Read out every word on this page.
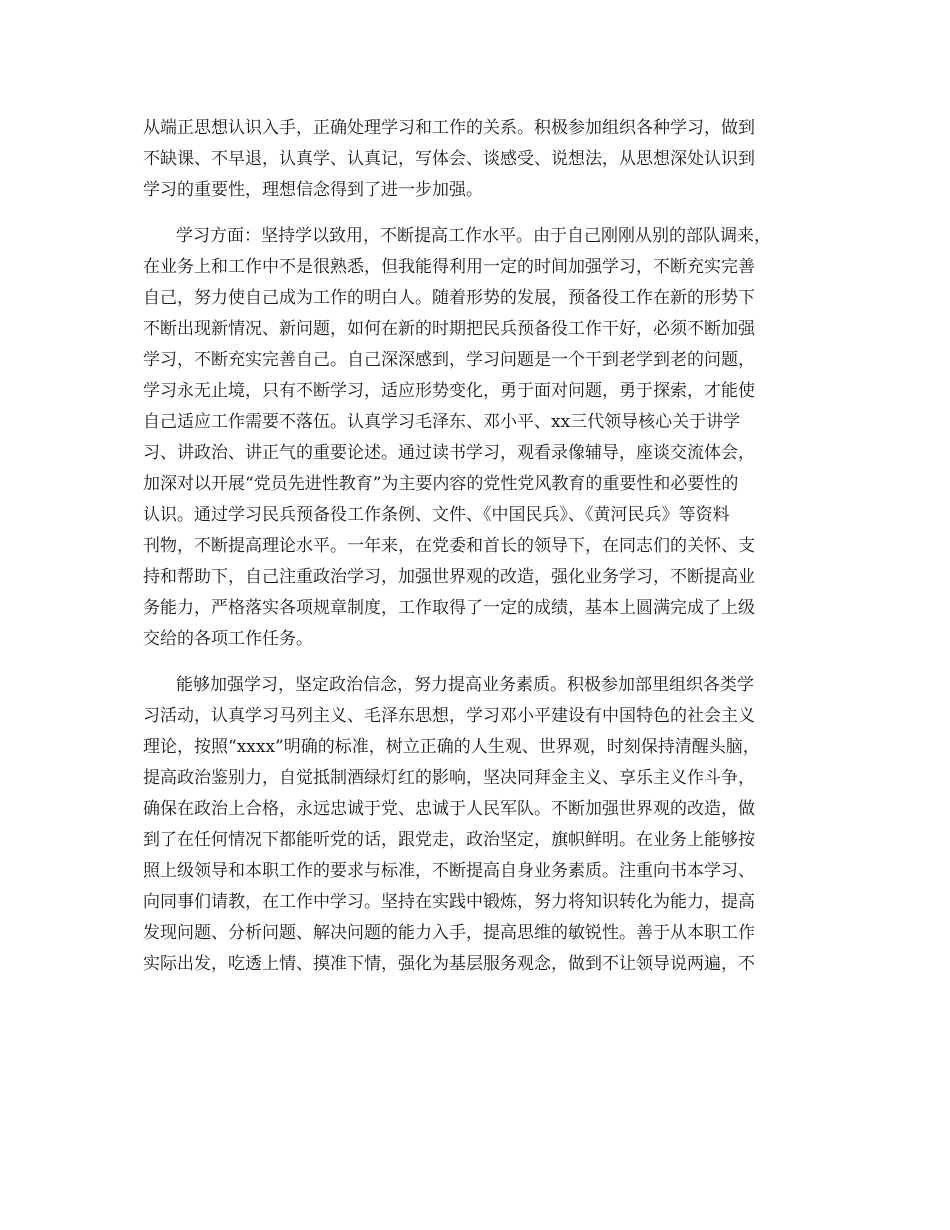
从端正思想认识入手，正确处理学习和工作的关系。积极参加组织各种学习，做到
不缺课、不早退，认真学、认真记，写体会、谈感受、说想法，从思想深处认识到
学习的重要性，理想信念得到了进一步加强。
学习方面：坚持学以致用，不断提高工作水平。由于自己刚刚从别的部队调来，
在业务上和工作中不是很熟悉，但我能得利用一定的时间加强学习，不断充实完善
自己，努力使自己成为工作的明白人。随着形势的发展，预备役工作在新的形势下
不断出现新情况、新问题，如何在新的时期把民兵预备役工作干好，必须不断加强
学习，不断充实完善自己。自己深深感到，学习问题是一个干到老学到老的问题，
学习永无止境，只有不断学习，适应形势变化，勇于面对问题，勇于探索，才能使
自己适应工作需要不落伍。认真学习毛泽东、邓小平、xx三代领导核心关于讲学
习、讲政治、讲正气的重要论述。通过读书学习，观看录像辅导，座谈交流体会，
加深对以开展“党员先进性教育”为主要内容的党性党风教育的重要性和必要性的
认识。通过学习民兵预备役工作条例、文件、《中国民兵》、《黄河民兵》等资料
刊物，不断提高理论水平。一年来，在党委和首长的领导下，在同志们的关怀、支
持和帮助下，自己注重政治学习，加强世界观的改造，强化业务学习，不断提高业
务能力，严格落实各项规章制度，工作取得了一定的成绩，基本上圆满完成了上级
交给的各项工作任务。
能够加强学习，坚定政治信念，努力提高业务素质。积极参加部里组织各类学
习活动，认真学习马列主义、毛泽东思想，学习邓小平建设有中国特色的社会主义
理论，按照“xxxx”明确的标准，树立正确的人生观、世界观，时刻保持清醒头脑，
提高政治鉴别力，自觉抵制酒绿灯红的影响，坚决同拜金主义、享乐主义作斗争，
确保在政治上合格，永远忠诚于党、忠诚于人民军队。不断加强世界观的改造，做
到了在任何情况下都能听党的话，跟党走，政治坚定，旗帜鲜明。在业务上能够按
照上级领导和本职工作的要求与标准，不断提高自身业务素质。注重向书本学习、
向同事们请教，在工作中学习。坚持在实践中锻炼，努力将知识转化为能力，提高
发现问题、分析问题、解决问题的能力入手，提高思维的敏锐性。善于从本职工作
实际出发，吃透上情、摸准下情，强化为基层服务观念，做到不让领导说两遍，不
